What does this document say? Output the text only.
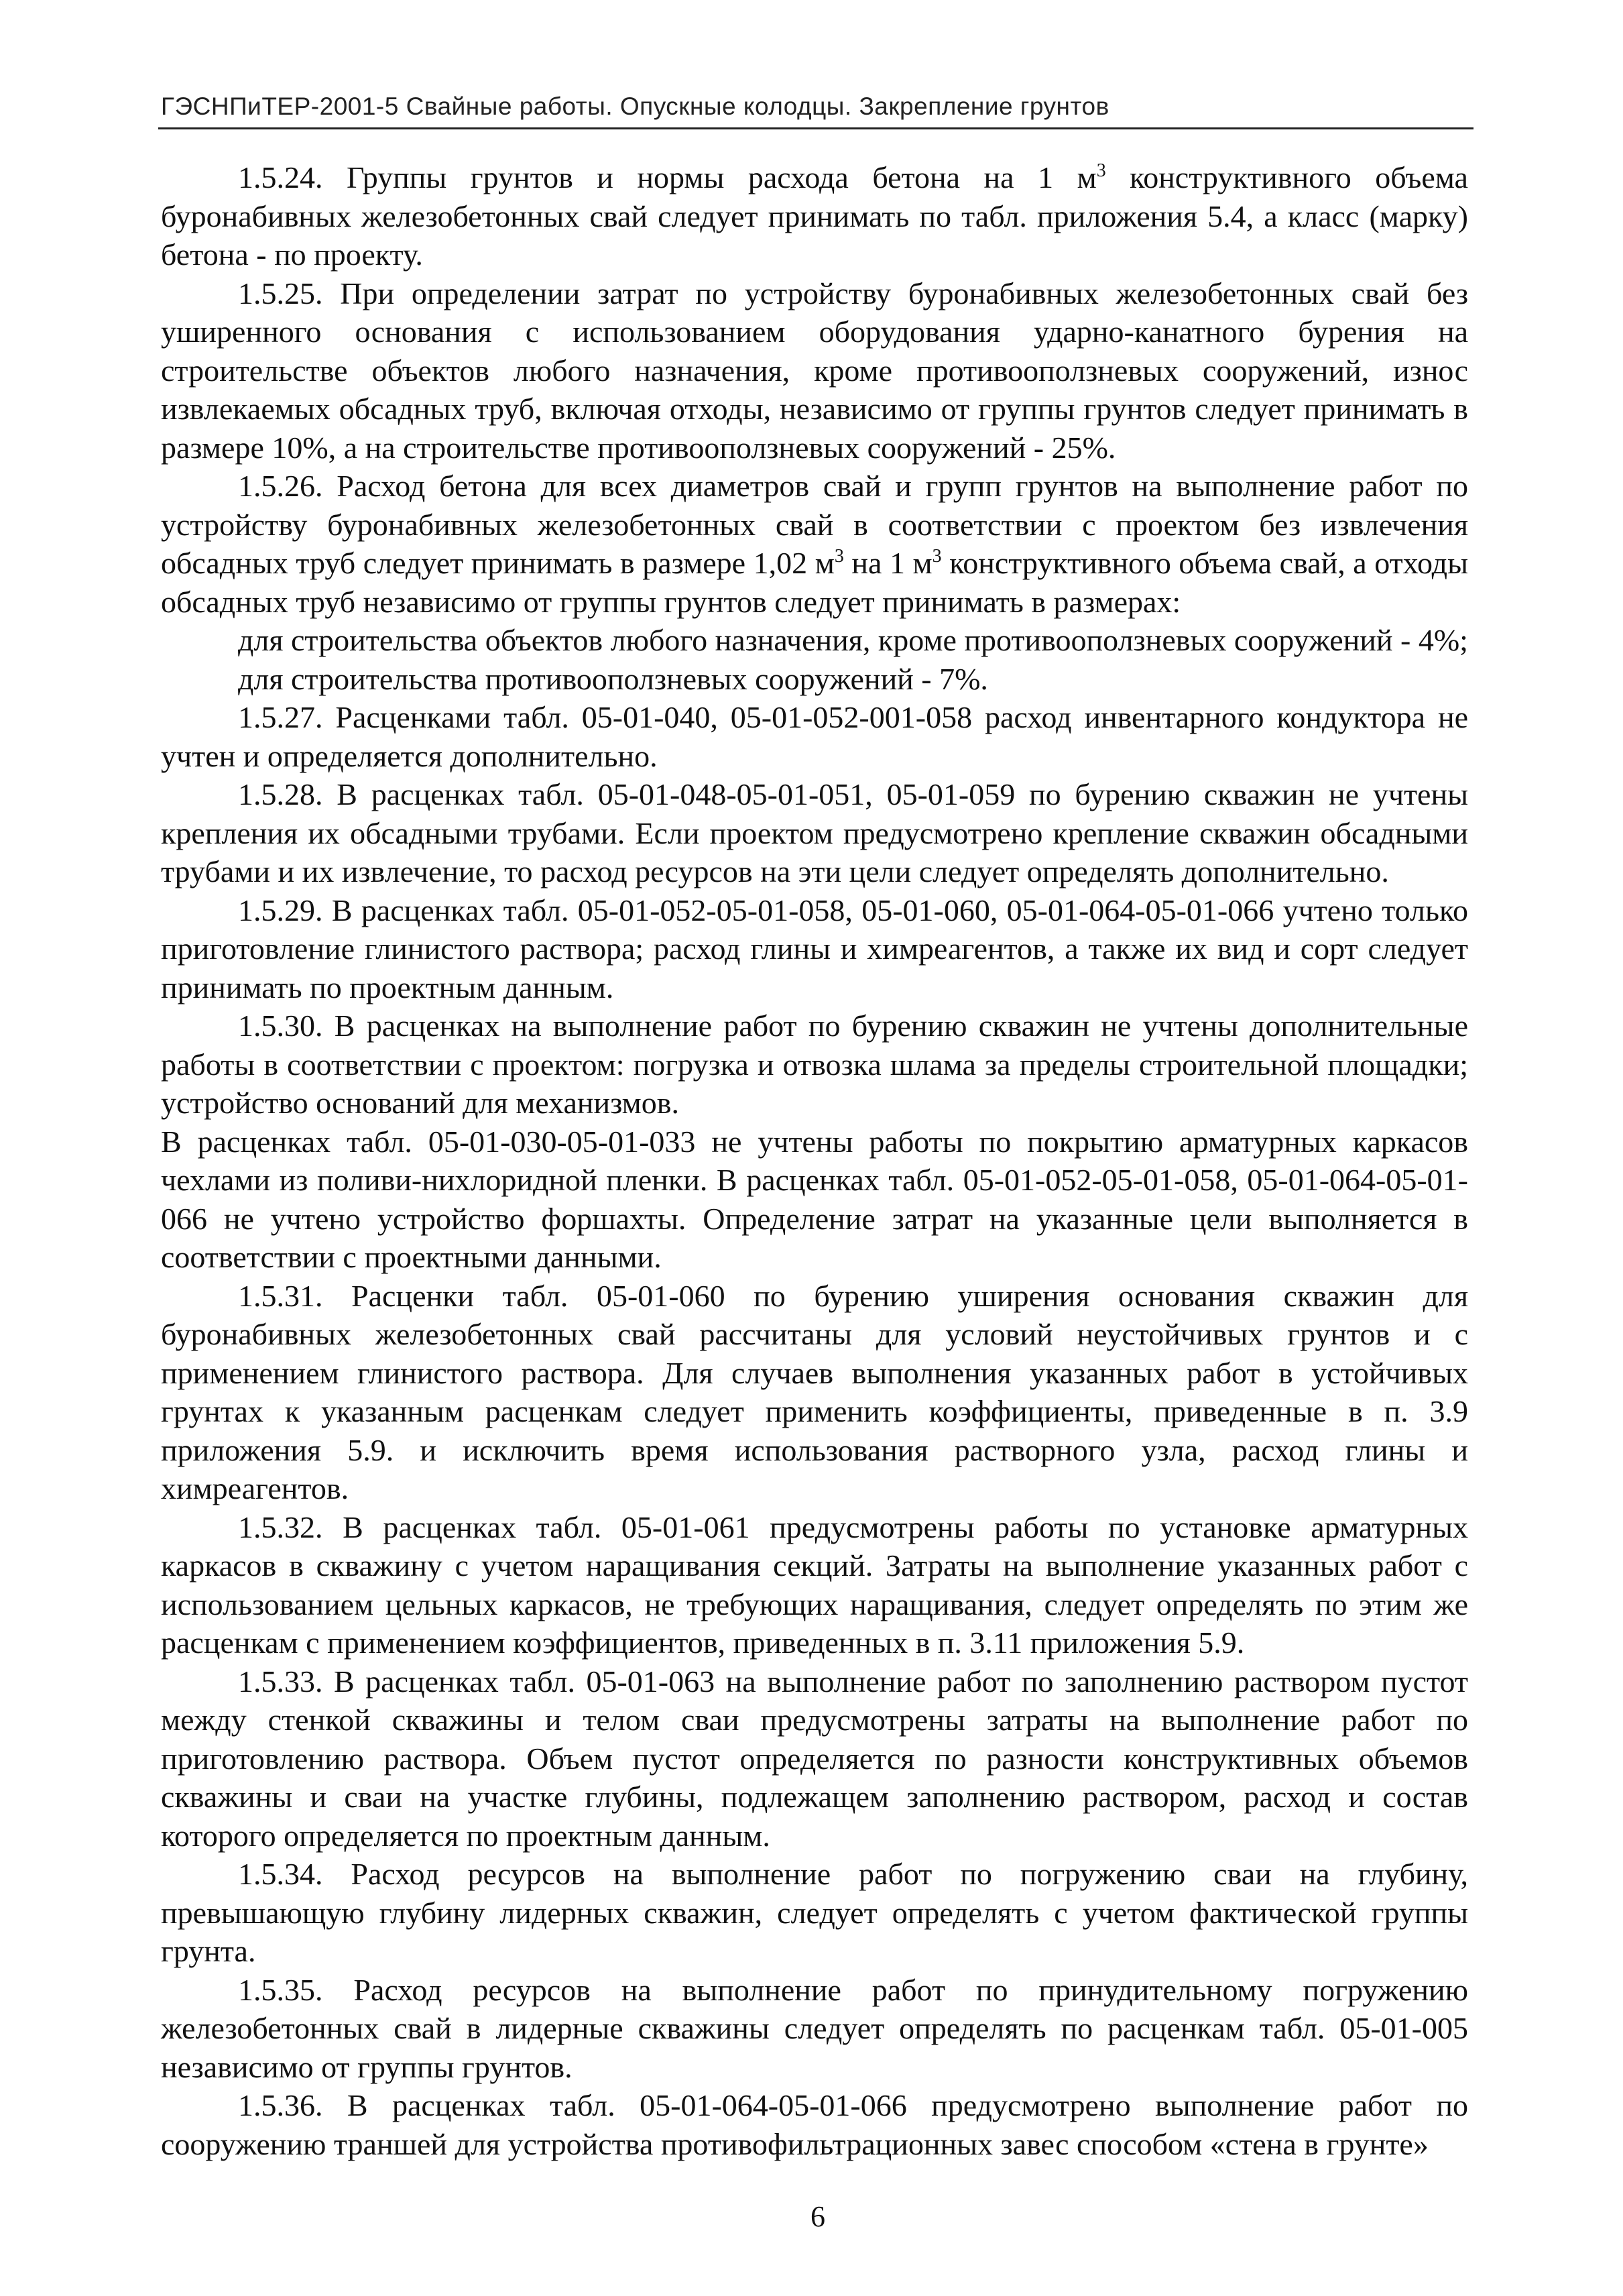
ГЭСНПиТЕР-2001-5 Свайные работы. Опускные колодцы. Закрепление грунтов

1.5.24. Группы грунтов и нормы расхода бетона на 1 $м^3$ конструктивного объема буронабивных железобетонных свай следует принимать по табл. приложения 5.4, а класс (марку) бетона - по проекту.

1.5.25. При определении затрат по устройству буронабивных железобетонных свай без уширенного основания с использованием оборудования ударно-канатного бурения на строительстве объектов любого назначения, кроме противооползневых сооружений, износ извлекаемых обсадных труб, включая отходы, независимо от группы грунтов следует принимать в размере 10%, а на строительстве противооползневых сооружений - 25%.

1.5.26. Расход бетона для всех диаметров свай и групп грунтов на выполнение работ по устройству буронабивных железобетонных свай в соответствии с проектом без извлечения обсадных труб следует принимать в размере 1,02 $м^3$ на 1 $м^3$ конструктивного объема свай, а отходы обсадных труб независимо от группы грунтов следует принимать в размерах:

для строительства объектов любого назначения, кроме противооползневых сооружений - 4%;

для строительства противооползневых сооружений - 7%.

1.5.27. Расценками табл. 05-01-040, 05-01-052-001-058 расход инвентарного кондуктора не учтен и определяется дополнительно.

1.5.28. В расценках табл. 05-01-048-05-01-051, 05-01-059 по бурению скважин не учтены крепления их обсадными трубами. Если проектом предусмотрено крепление скважин обсадными трубами и их извлечение, то расход ресурсов на эти цели следует определять дополнительно.

1.5.29. В расценках табл. 05-01-052-05-01-058, 05-01-060, 05-01-064-05-01-066 учтено только приготовление глинистого раствора; расход глины и химреагентов, а также их вид и сорт следует принимать по проектным данным.

1.5.30. В расценках на выполнение работ по бурению скважин не учтены дополнительные работы в соответствии с проектом: погрузка и отвозка шлама за пределы строительной площадки; устройство оснований для механизмов.

В расценках табл. 05-01-030-05-01-033 не учтены работы по покрытию арматурных каркасов чехлами из поливи-нихлоридной пленки. В расценках табл. 05-01-052-05-01-058, 05-01-064-05-01-066 не учтено устройство форшахты. Определение затрат на указанные цели выполняется в соответствии с проектными данными.

1.5.31. Расценки табл. 05-01-060 по бурению уширения основания скважин для буронабивных железобетонных свай рассчитаны для условий неустойчивых грунтов и с применением глинистого раствора. Для случаев выполнения указанных работ в устойчивых грунтах к указанным расценкам следует применить коэффициенты, приведенные в п. 3.9 приложения 5.9. и исключить время использования растворного узла, расход глины и химреагентов.

1.5.32. В расценках табл. 05-01-061 предусмотрены работы по установке арматурных каркасов в скважину с учетом наращивания секций. Затраты на выполнение указанных работ с использованием цельных каркасов, не требующих наращивания, следует определять по этим же расценкам с применением коэффициентов, приведенных в п. 3.11 приложения 5.9.

1.5.33. В расценках табл. 05-01-063 на выполнение работ по заполнению раствором пустот между стенкой скважины и телом сваи предусмотрены затраты на выполнение работ по приготовлению раствора. Объем пустот определяется по разности конструктивных объемов скважины и сваи на участке глубины, подлежащем заполнению раствором, расход и состав которого определяется по проектным данным.

1.5.34. Расход ресурсов на выполнение работ по погружению сваи на глубину, превышающую глубину лидерных скважин, следует определять с учетом фактической группы грунта.

1.5.35. Расход ресурсов на выполнение работ по принудительному погружению железобетонных свай в лидерные скважины следует определять по расценкам табл. 05-01-005 независимо от группы грунтов.

1.5.36. В расценках табл. 05-01-064-05-01-066 предусмотрено выполнение работ по сооружению траншей для устройства противофильтрационных завес способом «стена в грунте»

6
